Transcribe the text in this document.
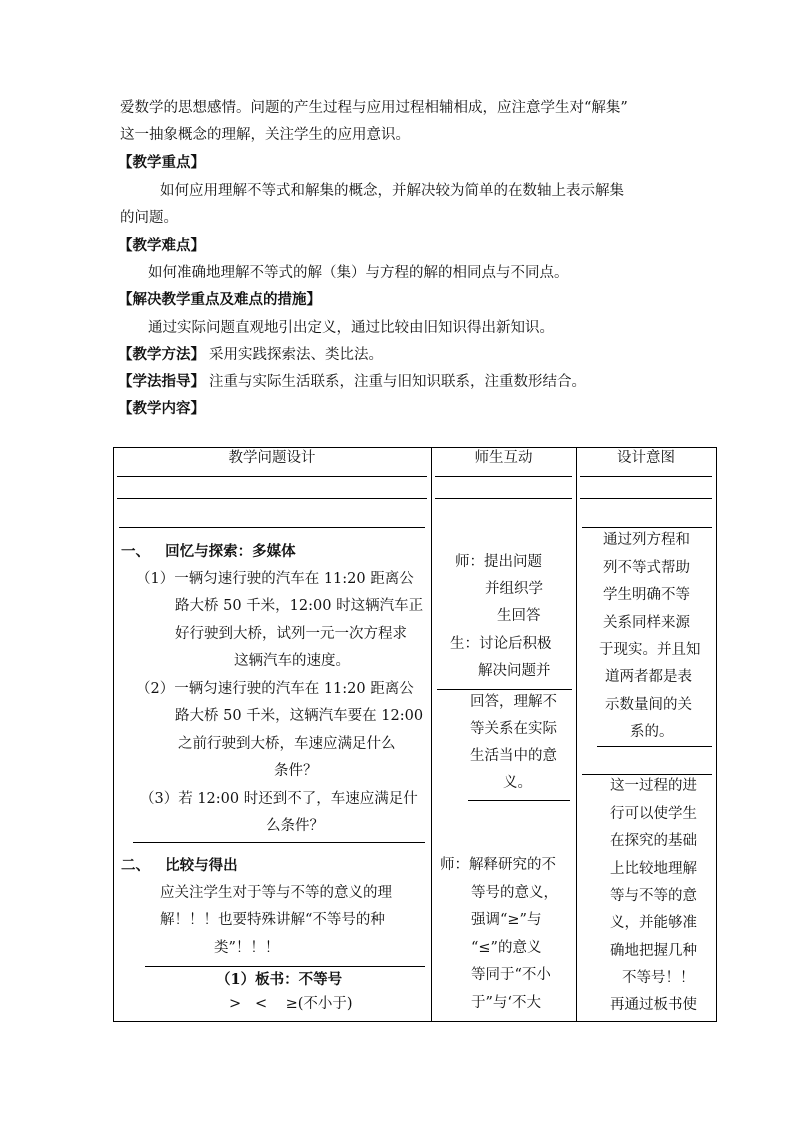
爱数学的思想感情。问题的产生过程与应用过程相辅相成，应注意学生对“解集”
这一抽象概念的理解，关注学生的应用意识。
【教学重点】
如何应用理解不等式和解集的概念，并解决较为简单的在数轴上表示解集
的问题。
【教学难点】
如何准确地理解不等式的解（集）与方程的解的相同点与不同点。
【解决教学重点及难点的措施】
通过实际问题直观地引出定义，通过比较由旧知识得出新知识。
【教学方法】 采用实践探索法、类比法。
【学法指导】 注重与实际生活联系，注重与旧知识联系，注重数形结合。
【教学内容】
教学问题设计	师生互动	设计意图
一、   回忆与探索：多媒体
（1）一辆匀速行驶的汽车在 11:20 距离公
路大桥 50 千米，12:00 时这辆汽车正
好行驶到大桥，试列一元一次方程求
这辆汽车的速度。
（2）一辆匀速行驶的汽车在 11:20 距离公
路大桥 50 千米，这辆汽车要在 12:00
之前行驶到大桥，车速应满足什么
条件？
（3）若 12:00 时还到不了，车速应满足什
么条件？
二、   比较与得出
应关注学生对于等与不等的意义的理
解！！！也要特殊讲解“不等号的种
类”！！！
（1）板书：不等号
>   <    ≥(不小于)
师：提出问题
并组织学
生回答
生：讨论后积极
解决问题并
回答，理解不
等关系在实际
生活当中的意
义。
师：解释研究的不
等号的意义，
强调“≥”与
“≤”的意义
等同于“不小
于”与‘不大
通过列方程和
列不等式帮助
学生明确不等
关系同样来源
于现实。并且知
道两者都是表
示数量间的关
系的。
这一过程的进
行可以使学生
在探究的基础
上比较地理解
等与不等的意
义，并能够准
确地把握几种
不等号！！
再通过板书使
